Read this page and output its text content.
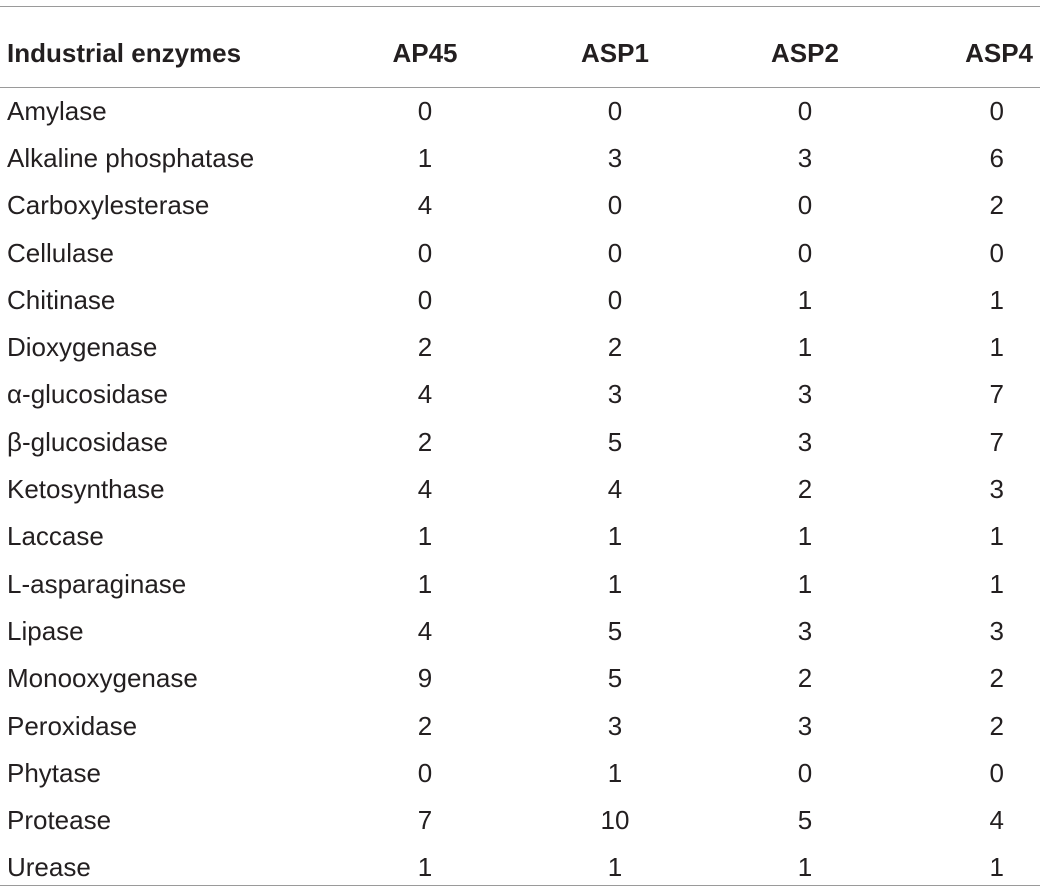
Industrial enzymes	AP45	ASP1	ASP2	ASP4
Amylase	0	0	0	0
Alkaline phosphatase	1	3	3	6
Carboxylesterase	4	0	0	2
Cellulase	0	0	0	0
Chitinase	0	0	1	1
Dioxygenase	2	2	1	1
α-glucosidase	4	3	3	7
β-glucosidase	2	5	3	7
Ketosynthase	4	4	2	3
Laccase	1	1	1	1
L-asparaginase	1	1	1	1
Lipase	4	5	3	3
Monooxygenase	9	5	2	2
Peroxidase	2	3	3	2
Phytase	0	1	0	0
Protease	7	10	5	4
Urease	1	1	1	1
